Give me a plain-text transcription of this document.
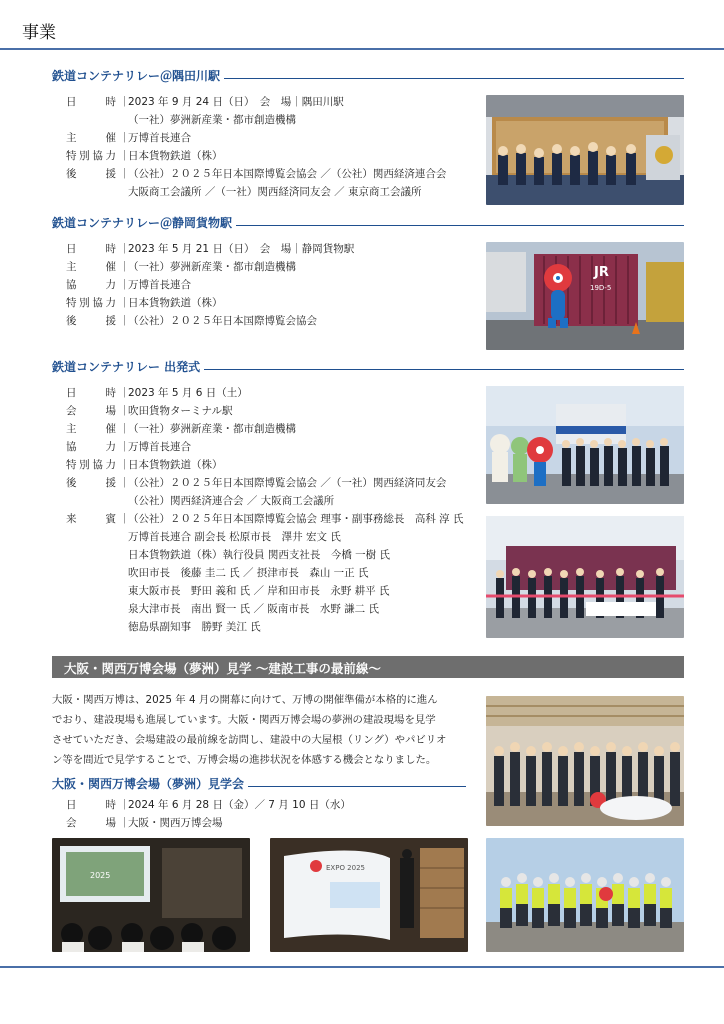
事業
鉄道コンテナリレー＠隅田川駅
日　　時 ｜
2023 年 9 月 24 日（日）　会　場｜隅田川駅
（一社）夢洲新産業・都市創造機構
主　　催 ｜
万博首長連合
特別協力 ｜
日本貨物鉄道（株）
後　　援 ｜
（公社）２０２５年日本国際博覧会協会 ／（公社）関西経済連合会
大阪商工会議所 ／（一社）関西経済同友会 ／ 東京商工会議所
鉄道コンテナリレー＠静岡貨物駅
日　　時 ｜
2023 年 5 月 21 日（日）　会　場｜静岡貨物駅
主　　催 ｜
（一社）夢洲新産業・都市創造機構
協　　力 ｜
万博首長連合
特別協力 ｜
日本貨物鉄道（株）
後　　援 ｜
（公社）２０２５年日本国際博覧会協会
JR
19D-5
鉄道コンテナリレー 出発式
日　　時 ｜
2023 年 5 月 6 日（土）
会　　場 ｜
吹田貨物ターミナル駅
主　　催 ｜
（一社）夢洲新産業・都市創造機構
協　　力 ｜
万博首長連合
特別協力 ｜
日本貨物鉄道（株）
後　　援 ｜
（公社）２０２５年日本国際博覧会協会 ／（一社）関西経済同友会
（公社）関西経済連合会 ／ 大阪商工会議所
来　　賓 ｜
（公社）２０２５年日本国際博覧会協会 理事・副事務総長　高科 淳 氏
万博首長連合 副会長 松原市長　澤井 宏文 氏
日本貨物鉄道（株）執行役員 関西支社長　今橋 一樹 氏
吹田市長　後藤 圭二 氏 ／ 摂津市長　森山 一正 氏
東大阪市長　野田 義和 氏 ／ 岸和田市長　永野 耕平 氏
泉大津市長　南出 賢一 氏 ／ 阪南市長　水野 謙二 氏
徳島県副知事　勝野 美江 氏
大阪・関西万博会場（夢洲）見学 〜建設工事の最前線〜
大阪・関西万博は、2025 年 4 月の開幕に向けて、万博の開催準備が本格的に進ん
でおり、建設現場も進展しています。大阪・関西万博会場の夢洲の建設現場を見学
させていただき、会場建設の最前線を訪問し、建設中の大屋根（リング）やパビリオ
ン等を間近で見学することで、万博会場の進捗状況を体感する機会となりました。
大阪・関西万博会場（夢洲）見学会
日　　時 ｜
2024 年 6 月 28 日（金）／ 7 月 10 日（水）
会　　場 ｜
大阪・関西万博会場
2025
EXPO 2025
